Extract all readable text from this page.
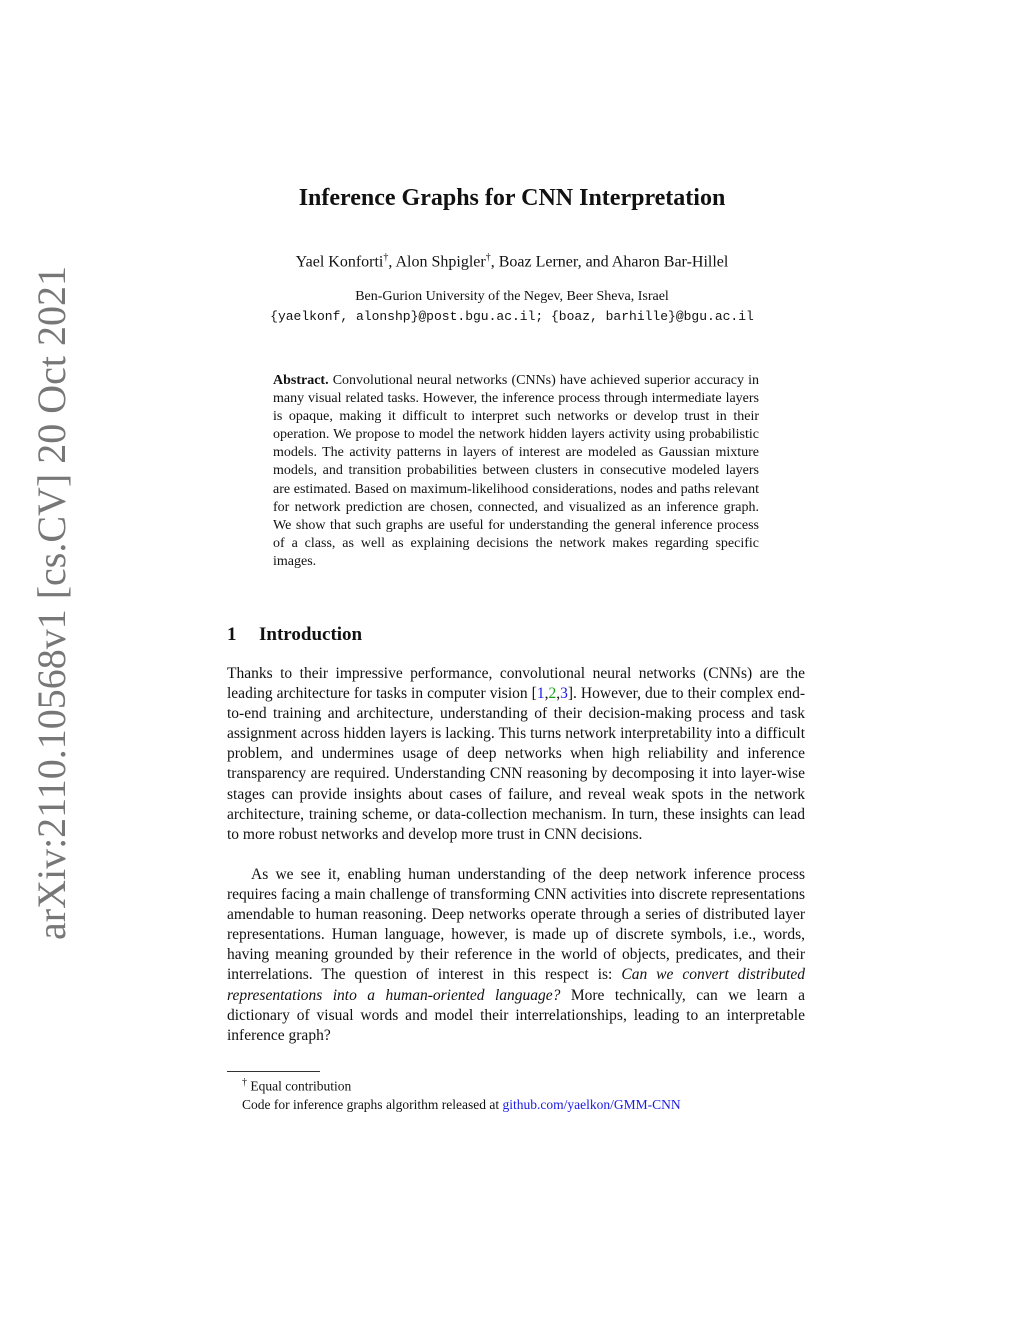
arXiv:2110.10568v1 [cs.CV] 20 Oct 2021
Inference Graphs for CNN Interpretation
Yael Konforti†, Alon Shpigler†, Boaz Lerner, and Aharon Bar-Hillel
Ben-Gurion University of the Negev, Beer Sheva, Israel
{yaelkonf, alonshp}@post.bgu.ac.il; {boaz, barhille}@bgu.ac.il
Abstract. Convolutional neural networks (CNNs) have achieved superior accuracy in many visual related tasks. However, the inference process through intermediate layers is opaque, making it difficult to interpret such networks or develop trust in their operation. We propose to model the network hidden layers activity using probabilistic models. The activity patterns in layers of interest are modeled as Gaussian mixture models, and transition probabilities between clusters in consecutive modeled layers are estimated. Based on maximum-likelihood considerations, nodes and paths relevant for network prediction are chosen, connected, and visualized as an inference graph. We show that such graphs are useful for understanding the general inference process of a class, as well as explaining decisions the network makes regarding specific images.
1 Introduction
Thanks to their impressive performance, convolutional neural networks (CNNs) are the leading architecture for tasks in computer vision [1,2,3]. However, due to their complex end-to-end training and architecture, understanding of their decision-making process and task assignment across hidden layers is lacking. This turns network interpretability into a difficult problem, and undermines usage of deep networks when high reliability and inference transparency are required. Understanding CNN reasoning by decomposing it into layer-wise stages can provide insights about cases of failure, and reveal weak spots in the network architecture, training scheme, or data-collection mechanism. In turn, these insights can lead to more robust networks and develop more trust in CNN decisions.
As we see it, enabling human understanding of the deep network inference process requires facing a main challenge of transforming CNN activities into discrete representations amendable to human reasoning. Deep networks operate through a series of distributed layer representations. Human language, however, is made up of discrete symbols, i.e., words, having meaning grounded by their reference in the world of objects, predicates, and their interrelations. The question of interest in this respect is: Can we convert distributed representations into a human-oriented language? More technically, can we learn a dictionary of visual words and model their interrelationships, leading to an interpretable inference graph?
† Equal contribution
Code for inference graphs algorithm released at github.com/yaelkon/GMM-CNN
